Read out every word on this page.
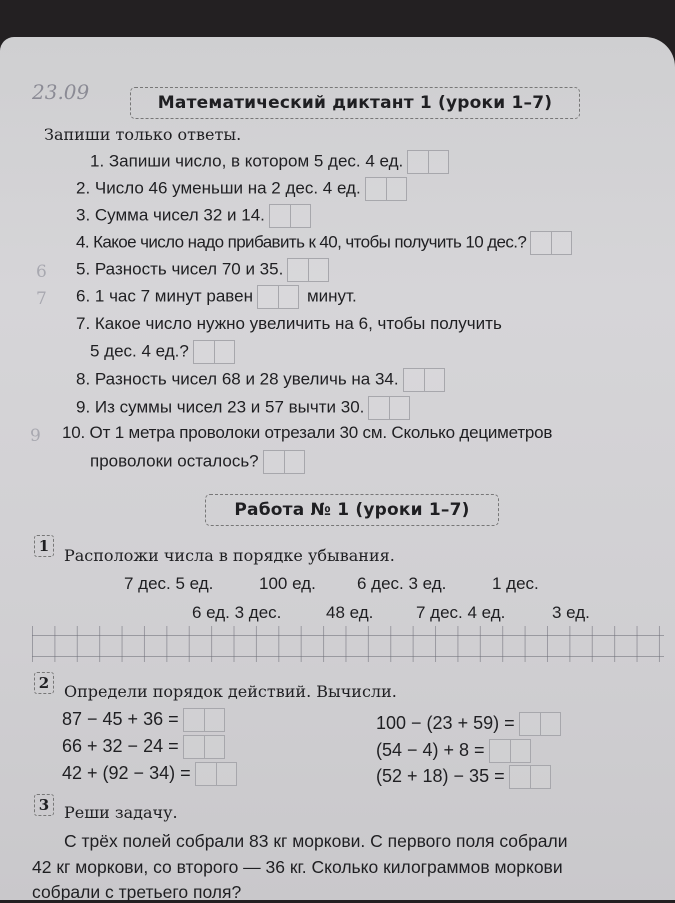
23.09	Математический диктант 1 (уроки 1–7)
Запиши только ответы.
1. Запиши число, в котором 5 дес. 4 ед.
2. Число 46 уменьши на 2 дес. 4 ед.
3. Сумма чисел 32 и 14.
4. Какое число надо прибавить к 40, чтобы получить 10 дес.?
6 5. Разность чисел 70 и 35.
7 6. 1 час 7 минут равен	минут.
7. Какое число нужно увеличить на 6, чтобы получить
5 дес. 4 ед.?
8. Разность чисел 68 и 28 увеличь на 34.
9. Из суммы чисел 23 и 57 вычти 30.
9 10. От 1 метра проволоки отрезали 30 см. Сколько дециметров
проволоки осталось?
Работа № 1 (уроки 1–7)
1 Расположи числа в порядке убывания.
7 дес. 5 ед.	100 ед. 6 дес. 3 ед.	1 дес.
6 ед. 3 дес.	48 ед.	7 дес. 4 ед.	3 ед.
2 Определи порядок действий. Вычисли.
87 − 45 + 36 =
66 + 32 − 24 =
42 + (92 − 34) =
100 − (23 + 59) =
(54 − 4) + 8 =
(52 + 18) − 35 =
3 Реши задачу.
С трёх полей собрали 83 кг моркови. С первого поля собрали
42 кг моркови, со второго — 36 кг. Сколько килограммов моркови
собрали с третьего поля?
